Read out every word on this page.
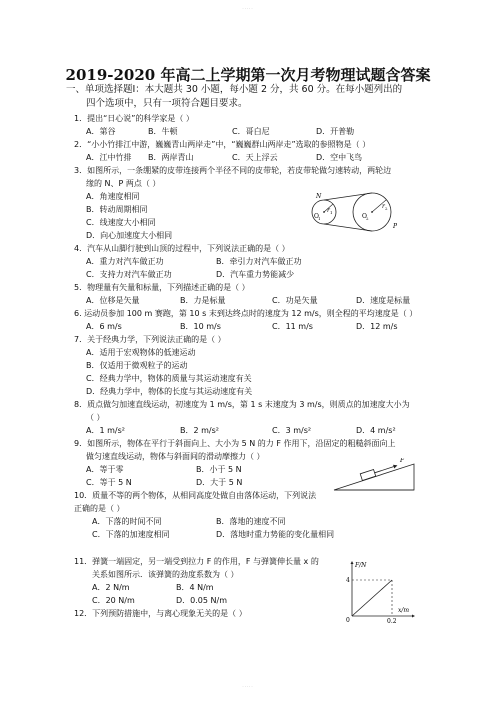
·····
2019-2020 年高二上学期第一次月考物理试题含答案
一、单项选择题Ⅰ：本大题共 30 小题，每小题 2 分，共 60 分。在每小题列出的
四个选项中，只有一项符合题目要求。
1．提出“日心说”的科学家是（ ）
A．第谷	B．牛顿	C．哥白尼	D．开普勒
2．“小小竹排江中游，巍巍青山两岸走”中，“巍巍群山两岸走”选取的参照物是（ ）
A．江中竹排 B．两岸青山	C．天上浮云	D．空中飞鸟
3．如图所示，一条绷紧的皮带连接两个半径不同的皮带轮，若皮带轮做匀速转动，两轮边
缘的 N、P 两点（ ）
A．角速度相同
B．转动周期相同
C．线速度大小相同
D．向心加速度大小相同
N
O 1
r 1
O 2
r 2
P
4．汽车从山脚行驶到山顶的过程中，下列说法正确的是（ ）
A．重力对汽车做正功	B．牵引力对汽车做正功
C．支持力对汽车做正功	D．汽车重力势能减少
5．物理量有矢量和标量，下列描述正确的是（ ）
A．位移是矢量	B．力是标量	C．功是矢量	D．速度是标量
6. 运动员参加 100 m 赛跑，第 10 s 末到达终点时的速度为 12 m/s，则全程的平均速度是（ ）
A．6 m/s	B．10 m/s	C．11 m/s	D．12 m/s
7．关于经典力学，下列说法正确的是（ ）
A．适用于宏观物体的低速运动
B．仅适用于微观粒子的运动
C．经典力学中，物体的质量与其运动速度有关
D．经典力学中，物体的长度与其运动速度有关
8．质点做匀加速直线运动，初速度为 1 m/s，第 1 s 末速度为 3 m/s，则质点的加速度大小为
（ ）
A．1 m/s²	B．2 m/s²	C．3 m/s²	D．4 m/s²
9．如图所示，物体在平行于斜面向上、大小为 5 N 的力 F 作用下，沿固定的粗糙斜面向上
做匀速直线运动，物体与斜面间的滑动摩擦力（ ）
A．等于零	B．小于 5 N
C．等于 5 N	D．大于 5 N
F
10．质量不等的两个物体，从相同高度处做自由落体运动，下列说法
正确的是（ ）
A．下落的时间不同	B．落地的速度不同
C．下落的加速度相同	D．落地时重力势能的变化量相同
11．弹簧一端固定，另一端受到拉力 F 的作用，F 与弹簧伸长量 x 的
关系如图所示．该弹簧的劲度系数为（ ）
A．2 N/m	B．4 N/m
C．20 N/m	D．0.05 N/m
F/N
x/m
4
0.2
0
12．下列预防措施中，与离心现象无关的是（ ）
·····
